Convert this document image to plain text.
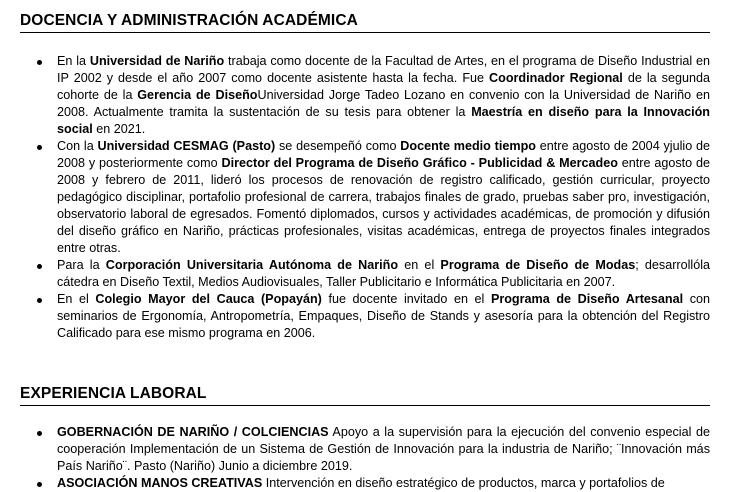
DOCENCIA Y ADMINISTRACIÓN ACADÉMICA
En la Universidad de Nariño trabaja como docente de la Facultad de Artes, en el programa de Diseño Industrial en IP 2002 y desde el año 2007 como docente asistente hasta la fecha. Fue Coordinador Regional de la segunda cohorte de la Gerencia de DiseñoUniversidad Jorge Tadeo Lozano en convenio con la Universidad de Nariño en 2008. Actualmente tramita la sustentación de su tesis para obtener la Maestría en diseño para la Innovación social en 2021.
Con la Universidad CESMAG (Pasto) se desempeñó como Docente medio tiempo entre agosto de 2004 yjulio de 2008 y posteriormente como Director del Programa de Diseño Gráfico - Publicidad & Mercadeo entre agosto de 2008 y febrero de 2011, lideró los procesos de renovación de registro calificado, gestión curricular, proyecto pedagógico disciplinar, portafolio profesional de carrera, trabajos finales de grado, pruebas saber pro, investigación, observatorio laboral de egresados. Fomentó diplomados, cursos y actividades académicas, de promoción y difusión del diseño gráfico en Nariño, prácticas profesionales, visitas académicas, entrega de proyectos finales integrados entre otras.
Para la Corporación Universitaria Autónoma de Nariño en el Programa de Diseño de Modas; desarrollóla cátedra en Diseño Textil, Medios Audiovisuales, Taller Publicitario e Informática Publicitaria en 2007.
En el Colegio Mayor del Cauca (Popayán) fue docente invitado en el Programa de Diseño Artesanal con seminarios de Ergonomía, Antropometría, Empaques, Diseño de Stands y asesoría para la obtención del Registro Calificado para ese mismo programa en 2006.
EXPERIENCIA LABORAL
GOBERNACIÓN DE NARIÑO / COLCIENCIAS Apoyo a la supervisión para la ejecución del convenio especial de cooperación Implementación de un Sistema de Gestión de Innovación para la industria de Nariño; ¨Innovación más País Nariño¨. Pasto (Nariño) Junio a diciembre 2019.
ASOCIACIÓN MANOS CREATIVAS Intervención en diseño estratégico de productos, marca y portafolios de
